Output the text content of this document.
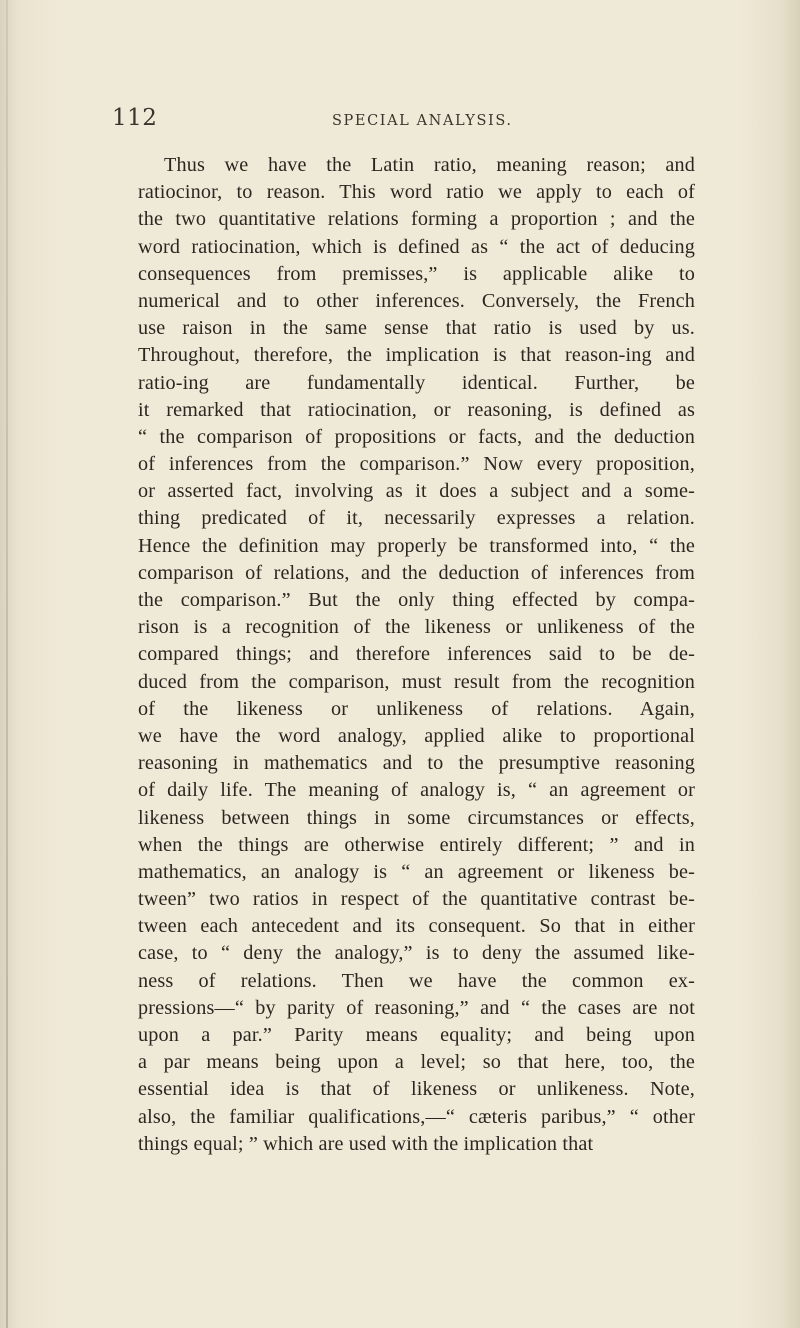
112	SPECIAL ANALYSIS.
Thus we have the Latin ratio, meaning reason; and
ratiocinor, to reason. This word ratio we apply to each of
the two quantitative relations forming a proportion ; and the
word ratiocination, which is defined as “ the act of deducing
consequences from premisses,” is applicable alike to
numerical and to other inferences. Conversely, the French
use raison in the same sense that ratio is used by us.
Throughout, therefore, the implication is that reason-ing and
ratio-ing are fundamentally identical. Further, be
it remarked that ratiocination, or reasoning, is defined as
“ the comparison of propositions or facts, and the deduction
of inferences from the comparison.” Now every proposition,
or asserted fact, involving as it does a subject and a some-
thing predicated of it, necessarily expresses a relation.
Hence the definition may properly be transformed into, “ the
comparison of relations, and the deduction of inferences from
the comparison.” But the only thing effected by compa-
rison is a recognition of the likeness or unlikeness of the
compared things; and therefore inferences said to be de-
duced from the comparison, must result from the recognition
of the likeness or unlikeness of relations. Again,
we have the word analogy, applied alike to proportional
reasoning in mathematics and to the presumptive reasoning
of daily life. The meaning of analogy is, “ an agreement or
likeness between things in some circumstances or effects,
when the things are otherwise entirely different; ” and in
mathematics, an analogy is “ an agreement or likeness be-
tween” two ratios in respect of the quantitative contrast be-
tween each antecedent and its consequent. So that in either
case, to “ deny the analogy,” is to deny the assumed like-
ness of relations. Then we have the common ex-
pressions—“ by parity of reasoning,” and “ the cases are not
upon a par.” Parity means equality; and being upon
a par means being upon a level; so that here, too, the
essential idea is that of likeness or unlikeness. Note,
also, the familiar qualifications,—“ cæteris paribus,” “ other
things equal; ” which are used with the implication that
